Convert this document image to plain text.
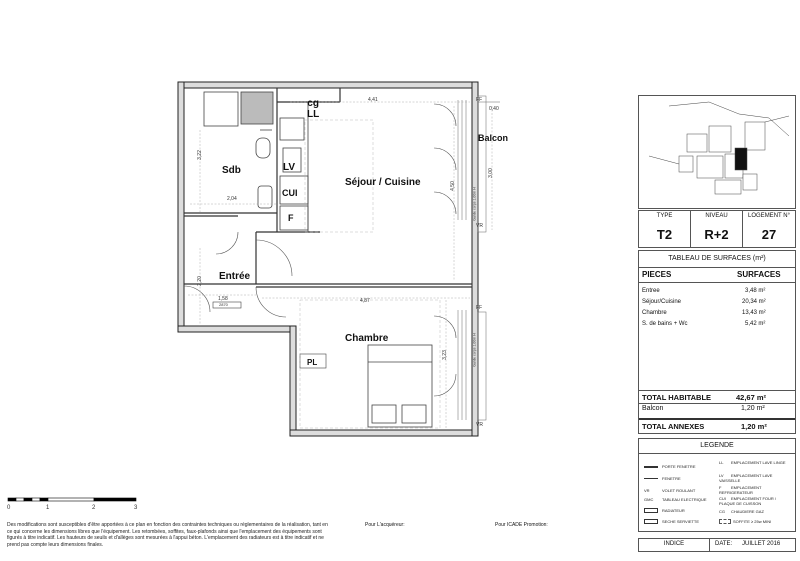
cg
LL
Sdb
Séjour / Cuisine
Balcon
LV
CUI
F
Entrée
Chambre
PL
4,41
0,40
3,22
2,04
4,50
3,00
2,20
1,58	4,87
3,23
2870
FF
VR
FF
VR
Garde corps 1,00m H
Garde corps 1,00m H
0	1	2	3
Des modifications sont susceptibles d'être apportées à ce plan en fonction des contraintes techniques ou réglementaires de la réalisation, tant en ce qui concerne les dimensions libres que l'équipement. Les retombées, soffites, faux-plafonds ainsi que l'emplacement des équipements sont figurés à titre indicatif. Les hauteurs de seuils et d'allèges sont mesurées à l'appui béton. L'emplacement des radiateurs est à titre indicatif et ne prend pas compte leurs dimensions finales.
Pour L'acquéreur:	Pour ICADE Promotion:
TYPE
T2
NIVEAU
R+2
LOGEMENT N°
27
TABLEAU DE SURFACES (m²)
PIECES	SURFACES
Entree	3,48 m²
Séjour/Cuisine	20,34 m²
Chambre	13,43 m²
S. de bains + Wc	5,42 m²
TOTAL HABITABLE	42,67 m²
Balcon	1,20 m²
TOTAL ANNEXES	1,20 m²
LEGENDE
PORTE FENETRE
FENETRE
VR	VOLET ROULANT
GMC TABLEAU ELECTRIQUE
RADIATEUR
SECHE SERVIETTE
LL EMPLACEMENT LAVE LINGE
LV EMPLACEMENT LAVE VAISSELLE
F EMPLACEMENT REFRIGERATEUR
CUI EMPLACEMENT FOUR / PLAQUE DE CUISSON
CG CHAUDIERE GAZ
SOFFITE ≥ 25w MINI
INDICE	DATE: JUILLET 2016
